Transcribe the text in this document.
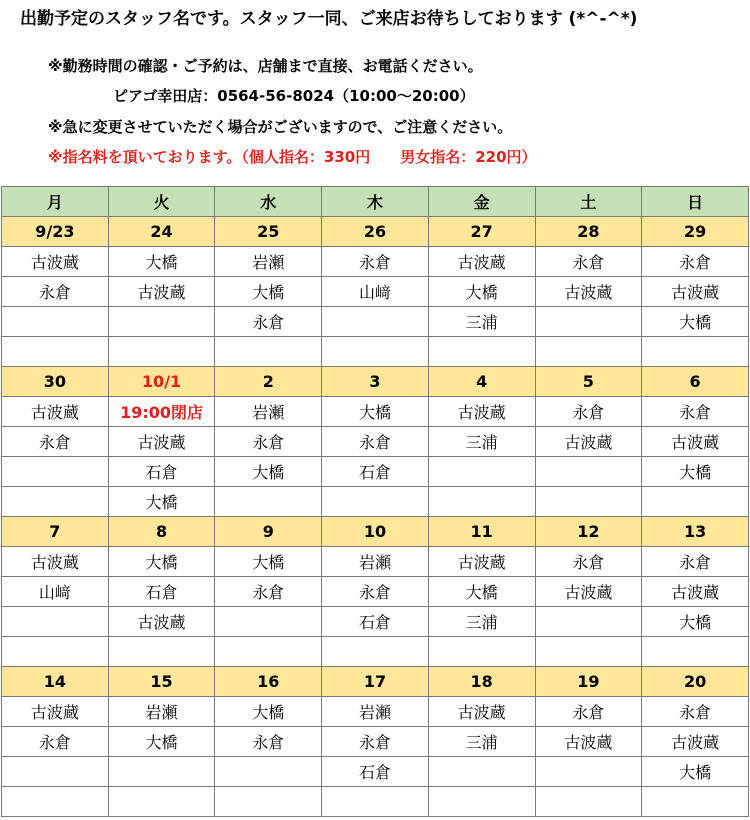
出勤予定のスタッフ名です。スタッフ一同、ご来店お待ちしております (*^-^*)
※勤務時間の確認・ご予約は、店舗まで直接、お電話ください。
ピアゴ幸田店：0564-56-8024（10:00～20:00）
※急に変更させていただく場合がございますので、ご注意ください。
※指名料を頂いております。（個人指名：330円　　男女指名：220円）
月	火	水	木	金	土	日
9/23	24	25	26	27	28	29
古波蔵	大橋	岩瀬	永倉	古波蔵	永倉	永倉
永倉	古波蔵	大橋	山﨑	大橋	古波蔵	古波蔵
		永倉		三浦		大橋

30	10/1	2	3	4	5	6
古波蔵	19:00閉店	岩瀬	大橋	古波蔵	永倉	永倉
永倉	古波蔵	永倉	永倉	三浦	古波蔵	古波蔵
	石倉	大橋	石倉			大橋
	大橋					
7	8	9	10	11	12	13
古波蔵	大橋	大橋	岩瀬	古波蔵	永倉	永倉
山﨑	石倉	永倉	永倉	大橋	古波蔵	古波蔵
	古波蔵		石倉	三浦		大橋

14	15	16	17	18	19	20
古波蔵	岩瀬	大橋	岩瀬	古波蔵	永倉	永倉
永倉	大橋	永倉	永倉	三浦	古波蔵	古波蔵
			石倉			大橋
